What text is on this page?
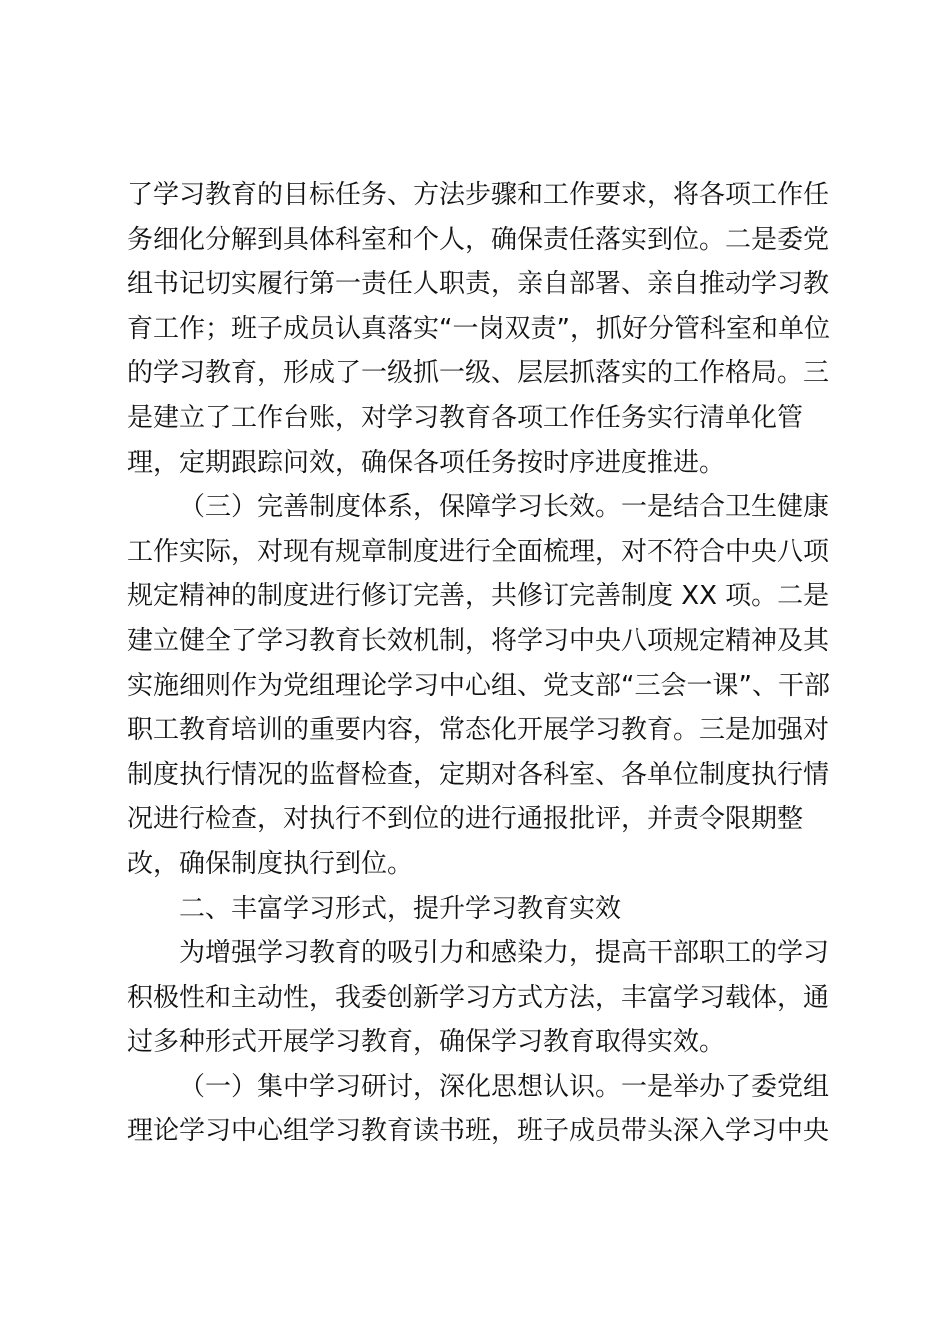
了学习教育的目标任务、方法步骤和工作要求，将各项工作任
务细化分解到具体科室和个人，确保责任落实到位。二是委党
组书记切实履行第一责任人职责，亲自部署、亲自推动学习教
育工作；班子成员认真落实“一岗双责”，抓好分管科室和单位
的学习教育，形成了一级抓一级、层层抓落实的工作格局。三
是建立了工作台账，对学习教育各项工作任务实行清单化管
理，定期跟踪问效，确保各项任务按时序进度推进。
（三）完善制度体系，保障学习长效。一是结合卫生健康
工作实际，对现有规章制度进行全面梳理，对不符合中央八项
规定精神的制度进行修订完善，共修订完善制度 XX 项。二是
建立健全了学习教育长效机制，将学习中央八项规定精神及其
实施细则作为党组理论学习中心组、党支部“三会一课”、干部
职工教育培训的重要内容，常态化开展学习教育。三是加强对
制度执行情况的监督检查，定期对各科室、各单位制度执行情
况进行检查，对执行不到位的进行通报批评，并责令限期整
改，确保制度执行到位。
二、丰富学习形式，提升学习教育实效
为增强学习教育的吸引力和感染力，提高干部职工的学习
积极性和主动性，我委创新学习方式方法，丰富学习载体，通
过多种形式开展学习教育，确保学习教育取得实效。
（一）集中学习研讨，深化思想认识。一是举办了委党组
理论学习中心组学习教育读书班，班子成员带头深入学习中央
